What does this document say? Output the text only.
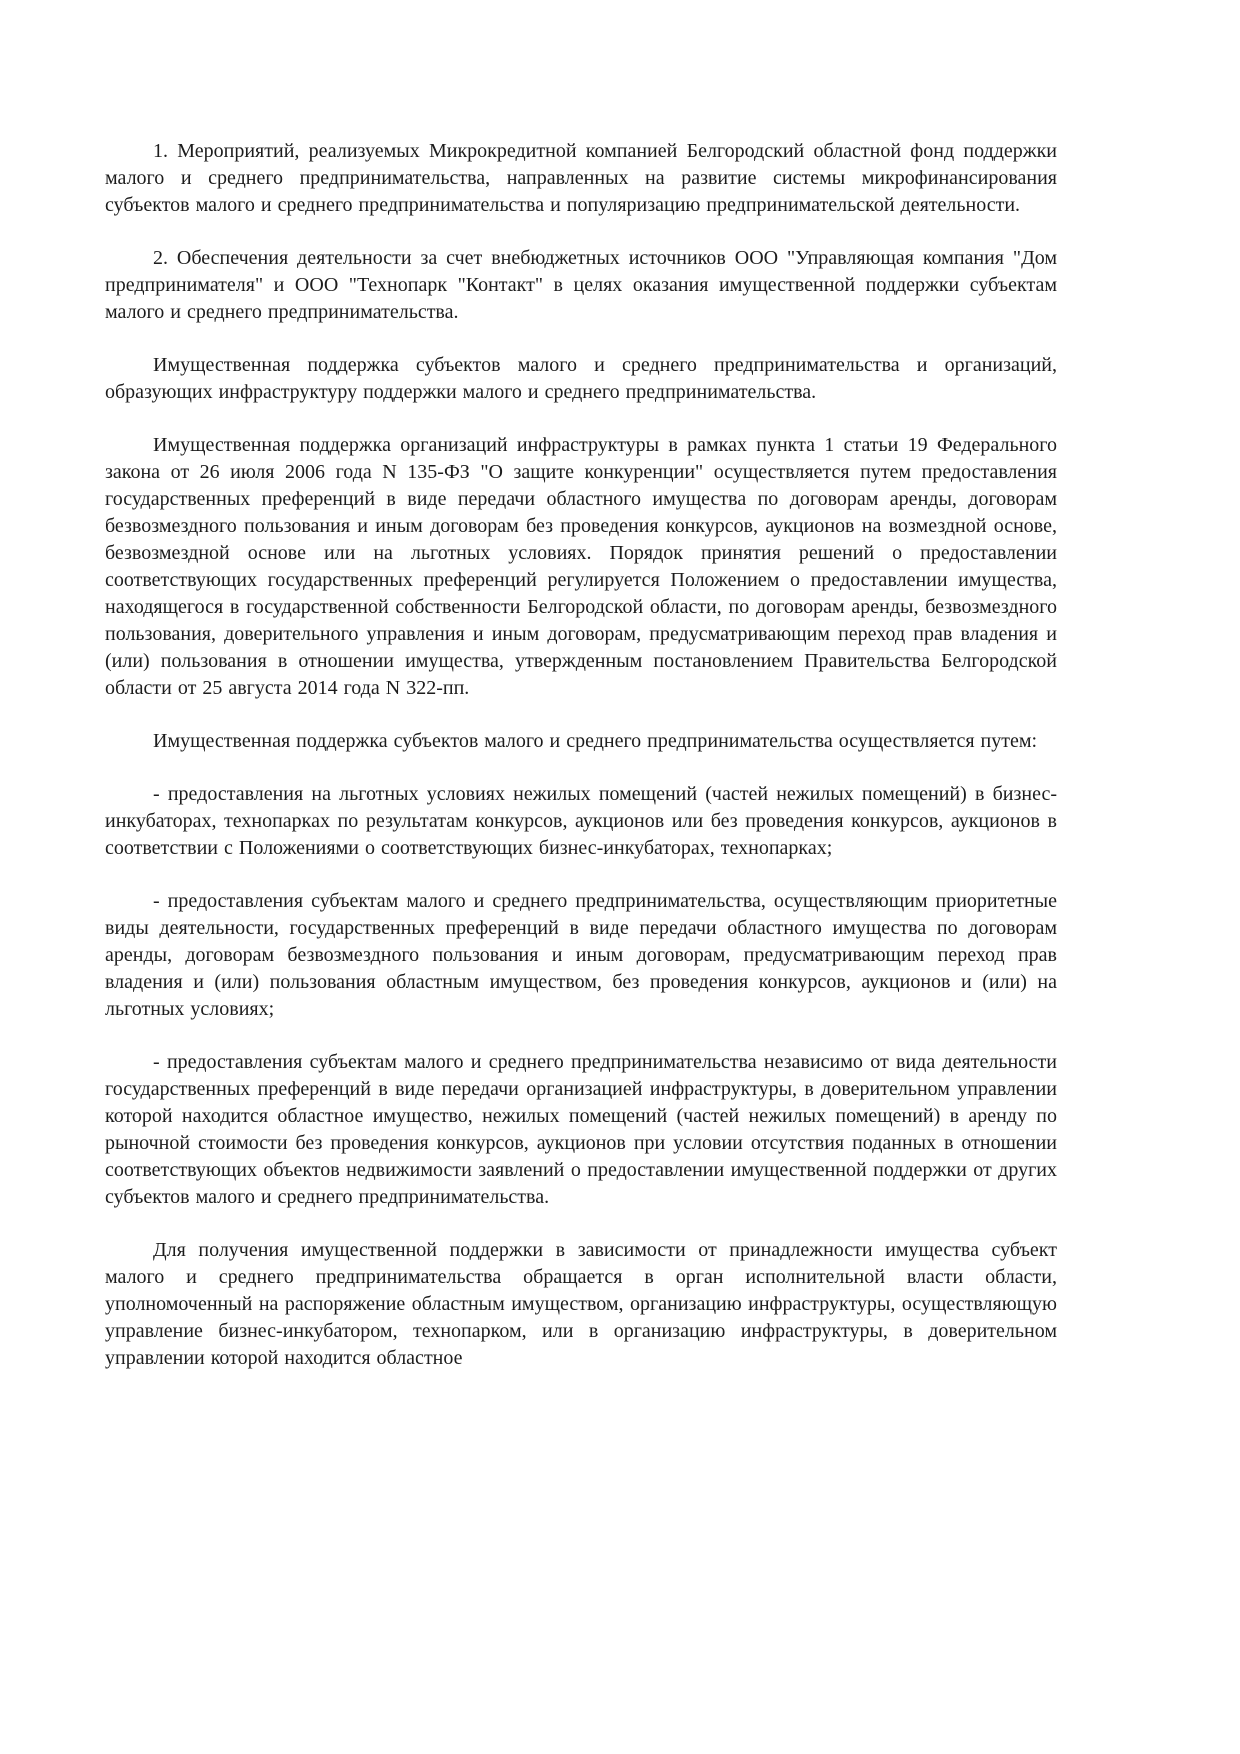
1. Мероприятий, реализуемых Микрокредитной компанией Белгородский областной фонд поддержки малого и среднего предпринимательства, направленных на развитие системы микрофинансирования субъектов малого и среднего предпринимательства и популяризацию предпринимательской деятельности.

2. Обеспечения деятельности за счет внебюджетных источников ООО "Управляющая компания "Дом предпринимателя" и ООО "Технопарк "Контакт" в целях оказания имущественной поддержки субъектам малого и среднего предпринимательства.

Имущественная поддержка субъектов малого и среднего предпринимательства и организаций, образующих инфраструктуру поддержки малого и среднего предпринимательства.

Имущественная поддержка организаций инфраструктуры в рамках пункта 1 статьи 19 Федерального закона от 26 июля 2006 года N 135-ФЗ "О защите конкуренции" осуществляется путем предоставления государственных преференций в виде передачи областного имущества по договорам аренды, договорам безвозмездного пользования и иным договорам без проведения конкурсов, аукционов на возмездной основе, безвозмездной основе или на льготных условиях. Порядок принятия решений о предоставлении соответствующих государственных преференций регулируется Положением о предоставлении имущества, находящегося в государственной собственности Белгородской области, по договорам аренды, безвозмездного пользования, доверительного управления и иным договорам, предусматривающим переход прав владения и (или) пользования в отношении имущества, утвержденным постановлением Правительства Белгородской области от 25 августа 2014 года N 322-пп.

Имущественная поддержка субъектов малого и среднего предпринимательства осуществляется путем:

- предоставления на льготных условиях нежилых помещений (частей нежилых помещений) в бизнес-инкубаторах, технопарках по результатам конкурсов, аукционов или без проведения конкурсов, аукционов в соответствии с Положениями о соответствующих бизнес-инкубаторах, технопарках;

- предоставления субъектам малого и среднего предпринимательства, осуществляющим приоритетные виды деятельности, государственных преференций в виде передачи областного имущества по договорам аренды, договорам безвозмездного пользования и иным договорам, предусматривающим переход прав владения и (или) пользования областным имуществом, без проведения конкурсов, аукционов и (или) на льготных условиях;

- предоставления субъектам малого и среднего предпринимательства независимо от вида деятельности государственных преференций в виде передачи организацией инфраструктуры, в доверительном управлении которой находится областное имущество, нежилых помещений (частей нежилых помещений) в аренду по рыночной стоимости без проведения конкурсов, аукционов при условии отсутствия поданных в отношении соответствующих объектов недвижимости заявлений о предоставлении имущественной поддержки от других субъектов малого и среднего предпринимательства.

Для получения имущественной поддержки в зависимости от принадлежности имущества субъект малого и среднего предпринимательства обращается в орган исполнительной власти области, уполномоченный на распоряжение областным имуществом, организацию инфраструктуры, осуществляющую управление бизнес-инкубатором, технопарком, или в организацию инфраструктуры, в доверительном управлении которой находится областное
